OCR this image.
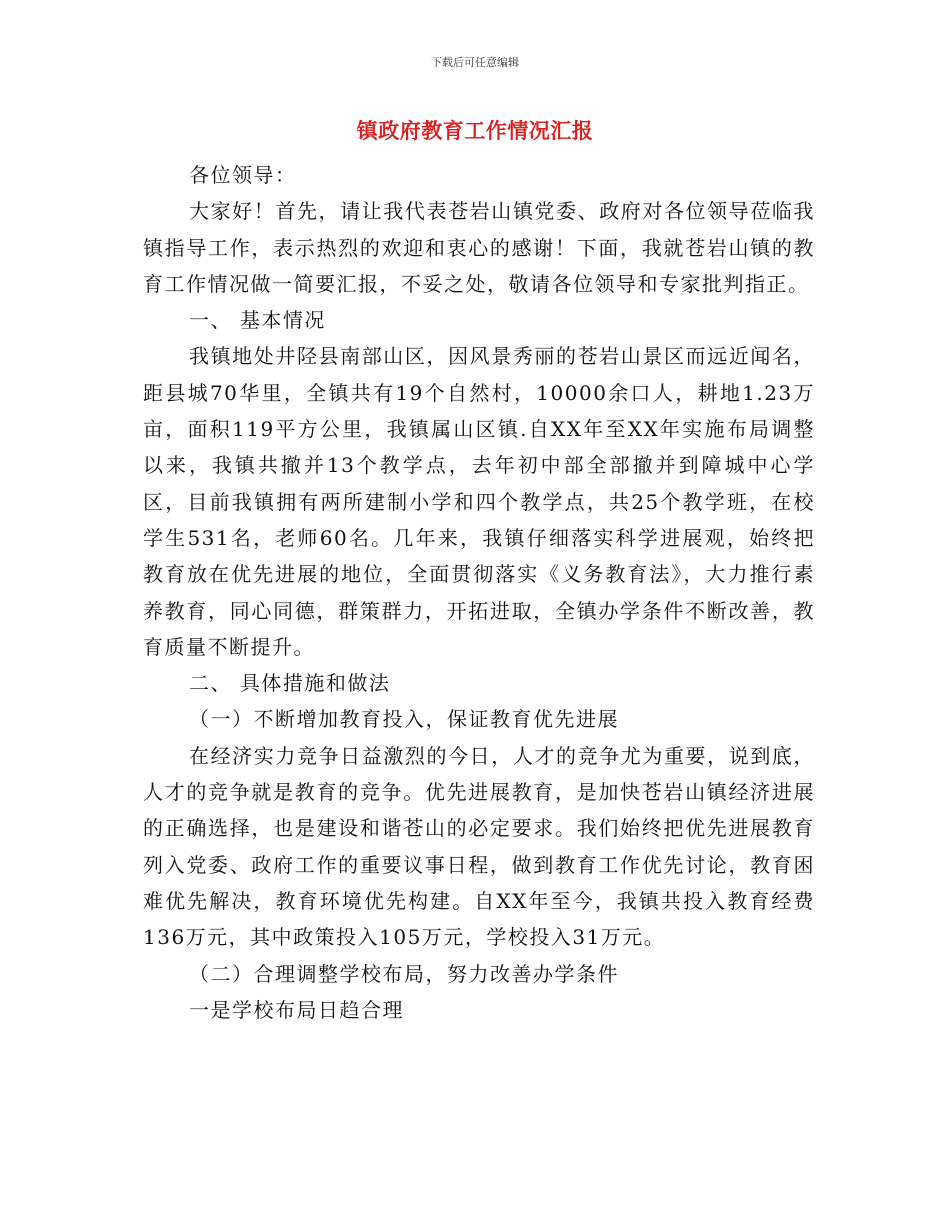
下载后可任意编辑
镇政府教育工作情况汇报

各位领导：

大家好！首先，请让我代表苍岩山镇党委、政府对各位领导莅临我镇指导工作，表示热烈的欢迎和衷心的感谢！下面，我就苍岩山镇的教育工作情况做一简要汇报，不妥之处，敬请各位领导和专家批判指正。

一、 基本情况

我镇地处井陉县南部山区，因风景秀丽的苍岩山景区而远近闻名，距县城70华里，全镇共有19个自然村，10000余口人，耕地1.23万亩，面积119平方公里，我镇属山区镇.自XX年至XX年实施布局调整以来，我镇共撤并13个教学点，去年初中部全部撤并到障城中心学区，目前我镇拥有两所建制小学和四个教学点，共25个教学班，在校学生531名，老师60名。几年来，我镇仔细落实科学进展观，始终把教育放在优先进展的地位，全面贯彻落实《义务教育法》，大力推行素养教育，同心同德，群策群力，开拓进取，全镇办学条件不断改善，教育质量不断提升。

二、 具体措施和做法

（一）不断增加教育投入，保证教育优先进展

在经济实力竞争日益激烈的今日，人才的竞争尤为重要，说到底，人才的竞争就是教育的竞争。优先进展教育，是加快苍岩山镇经济进展的正确选择，也是建设和谐苍山的必定要求。我们始终把优先进展教育列入党委、政府工作的重要议事日程，做到教育工作优先讨论，教育困难优先解决，教育环境优先构建。自XX年至今，我镇共投入教育经费136万元，其中政策投入105万元，学校投入31万元。

（二）合理调整学校布局，努力改善办学条件

一是学校布局日趋合理
